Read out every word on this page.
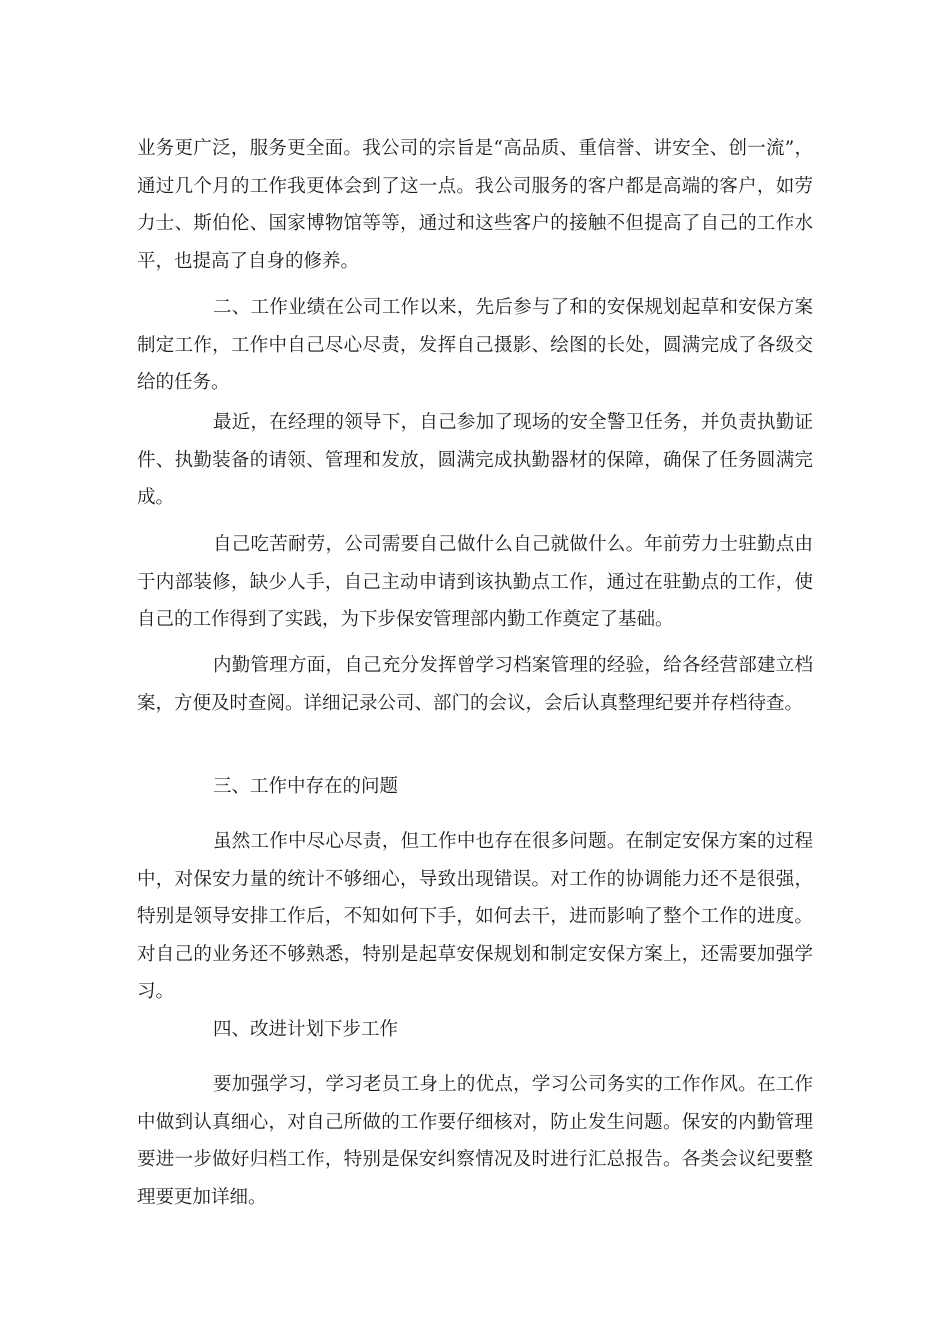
业务更广泛，服务更全面。我公司的宗旨是“高品质、重信誉、讲安全、创一流”，通过几个月的工作我更体会到了这一点。我公司服务的客户都是高端的客户，如劳力士、斯伯伦、国家博物馆等等，通过和这些客户的接触不但提高了自己的工作水平，也提高了自身的修养。

二、工作业绩在公司工作以来，先后参与了和的安保规划起草和安保方案制定工作，工作中自己尽心尽责，发挥自己摄影、绘图的长处，圆满完成了各级交给的任务。

最近，在经理的领导下，自己参加了现场的安全警卫任务，并负责执勤证件、执勤装备的请领、管理和发放，圆满完成执勤器材的保障，确保了任务圆满完成。

自己吃苦耐劳，公司需要自己做什么自己就做什么。年前劳力士驻勤点由于内部装修，缺少人手，自己主动申请到该执勤点工作，通过在驻勤点的工作，使自己的工作得到了实践，为下步保安管理部内勤工作奠定了基础。

内勤管理方面，自己充分发挥曾学习档案管理的经验，给各经营部建立档案，方便及时查阅。详细记录公司、部门的会议，会后认真整理纪要并存档待查。

三、工作中存在的问题

虽然工作中尽心尽责，但工作中也存在很多问题。在制定安保方案的过程中，对保安力量的统计不够细心，导致出现错误。对工作的协调能力还不是很强，特别是领导安排工作后，不知如何下手，如何去干，进而影响了整个工作的进度。对自己的业务还不够熟悉，特别是起草安保规划和制定安保方案上，还需要加强学习。

四、改进计划下步工作

要加强学习，学习老员工身上的优点，学习公司务实的工作作风。在工作中做到认真细心，对自己所做的工作要仔细核对，防止发生问题。保安的内勤管理要进一步做好归档工作，特别是保安纠察情况及时进行汇总报告。各类会议纪要整理要更加详细。
